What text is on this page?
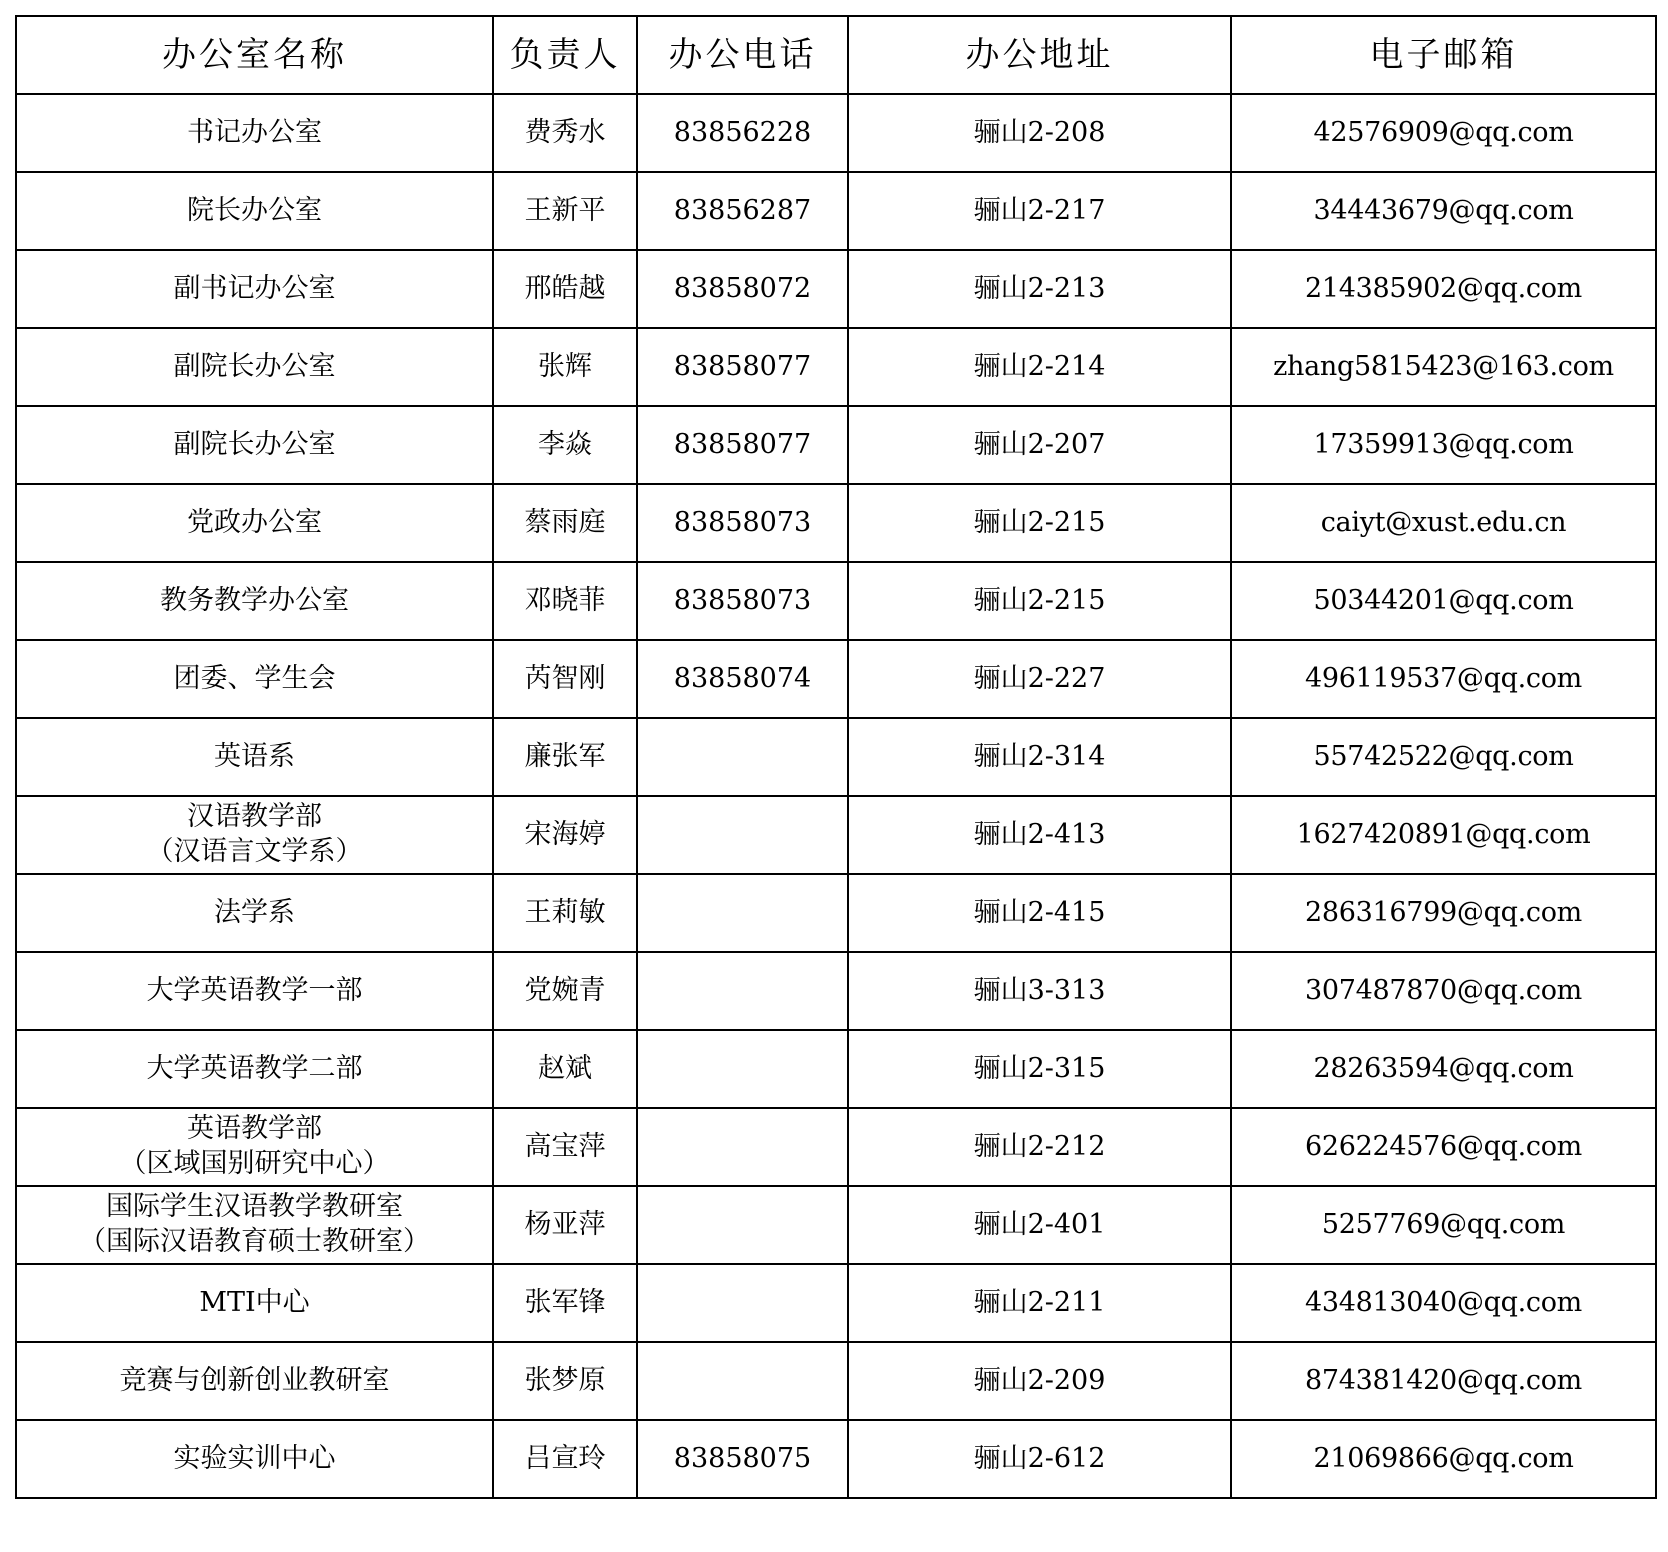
办公室名称	负责人	办公电话	办公地址	电子邮箱

书记办公室	费秀水	83856228	骊山2-208	42576909@qq.com

院长办公室	王新平	83856287	骊山2-217	34443679@qq.com

副书记办公室	邢皓越	83858072	骊山2-213	214385902@qq.com

副院长办公室	张辉	83858077	骊山2-214	zhang5815423@163.com

副院长办公室	李焱	83858077	骊山2-207	17359913@qq.com

党政办公室	蔡雨庭	83858073	骊山2-215	caiyt@xust.edu.cn

教务教学办公室	邓晓菲	83858073	骊山2-215	50344201@qq.com

团委、学生会	芮智刚	83858074	骊山2-227	496119537@qq.com

英语系	廉张军		骊山2-314	55742522@qq.com

汉语教学部
（汉语言文学系）	宋海婷		骊山2-413	1627420891@qq.com

法学系	王莉敏		骊山2-415	286316799@qq.com

大学英语教学一部	党婉青		骊山3-313	307487870@qq.com

大学英语教学二部	赵斌		骊山2-315	28263594@qq.com

英语教学部
（区域国别研究中心）	高宝萍		骊山2-212	626224576@qq.com

国际学生汉语教学教研室
（国际汉语教育硕士教研室）	杨亚萍		骊山2-401	5257769@qq.com

MTI中心	张军锋		骊山2-211	434813040@qq.com

竞赛与创新创业教研室	张梦原		骊山2-209	874381420@qq.com

实验实训中心	吕宣玲	83858075	骊山2-612	21069866@qq.com
